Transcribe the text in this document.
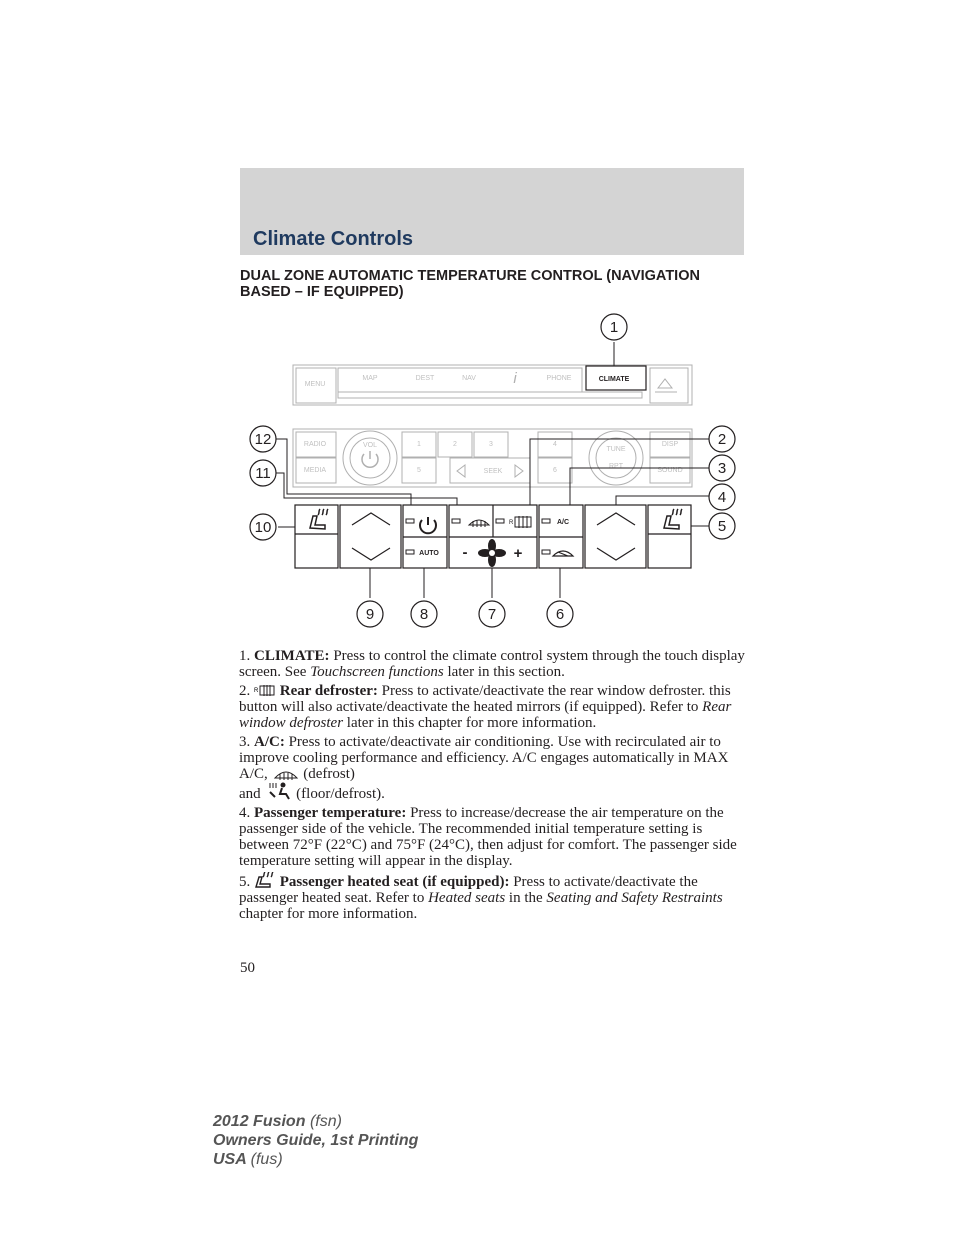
Climate Controls
DUAL ZONE AUTOMATIC TEMPERATURE CONTROL (NAVIGATION BASED – IF EQUIPPED)
MENU
MAP	DEST	NAV	PHONE
RADIO
MEDIA
VOL	1	2	3	4
5	6
SEEK
TUNE
RPT
DISP
SOUND
i	CLIMATE
AUTO
R
-	+
A/C
1
2
3
4
5
6
7
8
9
10
11
12

1. CLIMATE: Press to control the climate control system through the touch display screen. See Touchscreen functions later in this section.

2. R Rear defroster: Press to activate/deactivate the rear window defroster. this button will also activate/deactivate the heated mirrors (if equipped). Refer to Rear window defroster later in this chapter for more information.

3. A/C: Press to activate/deactivate air conditioning. Use with recirculated air to improve cooling performance and efficiency. A/C engages automatically in MAX A/C, (defrost)
and (floor/defrost).

4. Passenger temperature: Press to increase/decrease the air temperature on the passenger side of the vehicle. The recommended initial temperature setting is between 72°F (22°C) and 75°F (24°C), then adjust for comfort. The passenger side temperature setting will appear in the display.

5. Passenger heated seat (if equipped): Press to activate/deactivate the passenger heated seat. Refer to Heated seats in the Seating and Safety Restraints chapter for more information.

50
2012 Fusion (fsn)
Owners Guide, 1st Printing
USA (fus)
